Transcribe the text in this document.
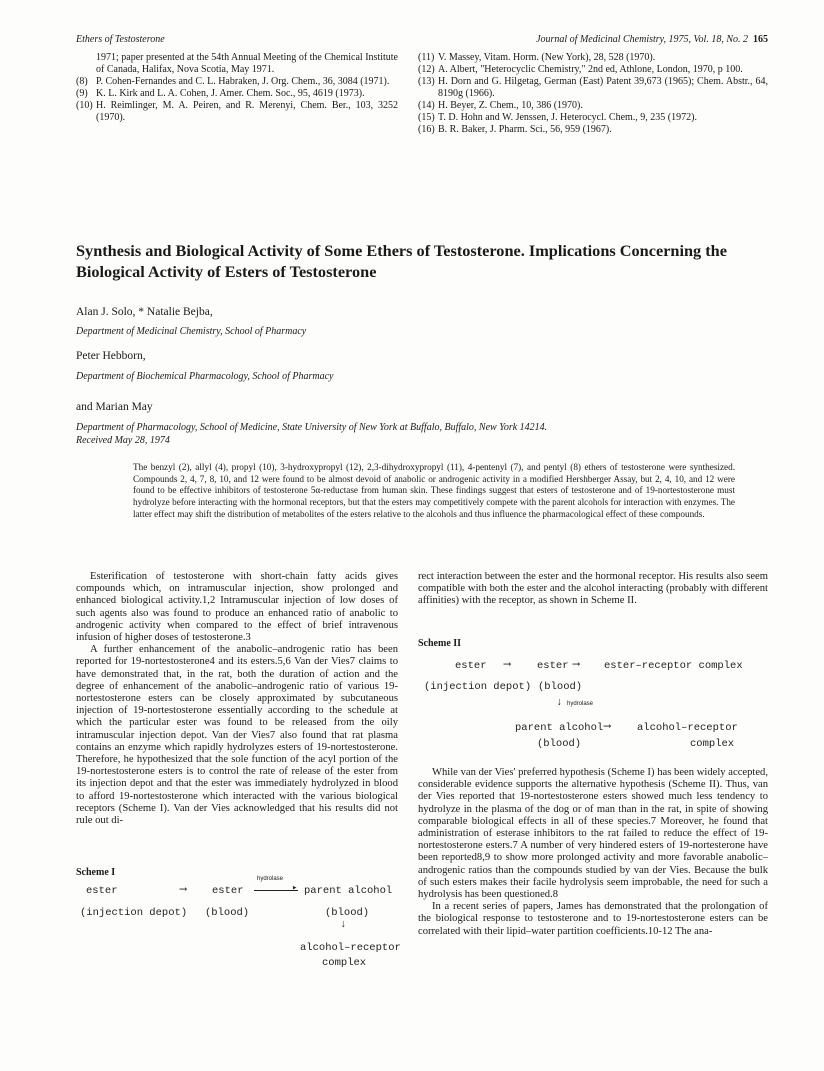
Ethers of Testosterone	Journal of Medicinal Chemistry, 1975, Vol. 18, No. 2 165
1971; paper presented at the 54th Annual Meeting of the Chemical Institute of Canada, Halifax, Nova Scotia, May 1971.
(8) P. Cohen-Fernandes and C. L. Habraken, J. Org. Chem., 36, 3084 (1971).
(9) K. L. Kirk and L. A. Cohen, J. Amer. Chem. Soc., 95, 4619 (1973).
(10) H. Reimlinger, M. A. Peiren, and R. Merenyi, Chem. Ber., 103, 3252 (1970).
(11) V. Massey, Vitam. Horm. (New York), 28, 528 (1970).
(12) A. Albert, "Heterocyclic Chemistry," 2nd ed, Athlone, London, 1970, p 100.
(13) H. Dorn and G. Hilgetag, German (East) Patent 39,673 (1965); Chem. Abstr., 64, 8190g (1966).
(14) H. Beyer, Z. Chem., 10, 386 (1970).
(15) T. D. Hohn and W. Jenssen, J. Heterocycl. Chem., 9, 235 (1972).
(16) B. R. Baker, J. Pharm. Sci., 56, 959 (1967).
Synthesis and Biological Activity of Some Ethers of Testosterone. Implications Concerning the Biological Activity of Esters of Testosterone
Alan J. Solo, * Natalie Bejba,
Department of Medicinal Chemistry, School of Pharmacy
Peter Hebborn,
Department of Biochemical Pharmacology, School of Pharmacy
and Marian May
Department of Pharmacology, School of Medicine, State University of New York at Buffalo, Buffalo, New York 14214.
Received May 28, 1974
The benzyl (2), allyl (4), propyl (10), 3-hydroxypropyl (12), 2,3-dihydroxypropyl (11), 4-pentenyl (7), and pentyl (8) ethers of testosterone were synthesized. Compounds 2, 4, 7, 8, 10, and 12 were found to be almost devoid of anabolic or androgenic activity in a modified Hershberger Assay, but 2, 4, 10, and 12 were found to be effective inhibitors of testosterone 5α-reductase from human skin. These findings suggest that esters of testosterone and of 19-nortestosterone must hydrolyze before interacting with the hormonal receptors, but that the esters may competitively compete with the parent alcohols for interaction with enzymes. The latter effect may shift the distribution of metabolites of the esters relative to the alcohols and thus influence the pharmacological effect of these compounds.

Esterification of testosterone with short-chain fatty acids gives compounds which, on intramuscular injection, show prolonged and enhanced biological activity.1,2 Intramuscular injection of low doses of such agents also was found to produce an enhanced ratio of anabolic to androgenic activity when compared to the effect of brief intravenous infusion of higher doses of testosterone.3

A further enhancement of the anabolic–androgenic ratio has been reported for 19-nortestosterone4 and its esters.5,6 Van der Vies7 claims to have demonstrated that, in the rat, both the duration of action and the degree of enhancement of the anabolic–androgenic ratio of various 19-nortestosterone esters can be closely approximated by subcutaneous injection of 19-nortestosterone essentially according to the schedule at which the particular ester was found to be released from the oily intramuscular injection depot. Van der Vies7 also found that rat plasma contains an enzyme which rapidly hydrolyzes esters of 19-nortestosterone. Therefore, he hypothesized that the sole function of the acyl portion of the 19-nortestosterone esters is to control the rate of release of the ester from its injection depot and that the ester was immediately hydrolyzed in blood to afford 19-nortestosterone which interacted with the various biological receptors (Scheme I). Van der Vies acknowledged that his results did not rule out di-

Scheme I
ester	⟶ ester
hydrolase
▸ parent alcohol
(injection depot) (blood)	(blood)
↓
alcohol–receptor
complex

rect interaction between the ester and the hormonal receptor. His results also seem compatible with both the ester and the alcohol interacting (probably with different affinities) with the receptor, as shown in Scheme II.

Scheme II
ester ⟶	ester ⟶ ester–receptor complex
(injection depot) (blood)
↓ hydrolase
parent alcohol ⟶	alcohol–receptor
(blood)	complex

While van der Vies' preferred hypothesis (Scheme I) has been widely accepted, considerable evidence supports the alternative hypothesis (Scheme II). Thus, van der Vies reported that 19-nortestosterone esters showed much less tendency to hydrolyze in the plasma of the dog or of man than in the rat, in spite of showing comparable biological effects in all of these species.7 Moreover, he found that administration of esterase inhibitors to the rat failed to reduce the effect of 19-nortestosterone esters.7 A number of very hindered esters of 19-nortesterone have been reported8,9 to show more prolonged activity and more favorable anabolic–androgenic ratios than the compounds studied by van der Vies. Because the bulk of such esters makes their facile hydrolysis seem improbable, the need for such a hydrolysis has been questioned.8

In a recent series of papers, James has demonstrated that the prolongation of the biological response to testosterone and to 19-nortestosterone esters can be correlated with their lipid–water partition coefficients.10-12 The ana-
